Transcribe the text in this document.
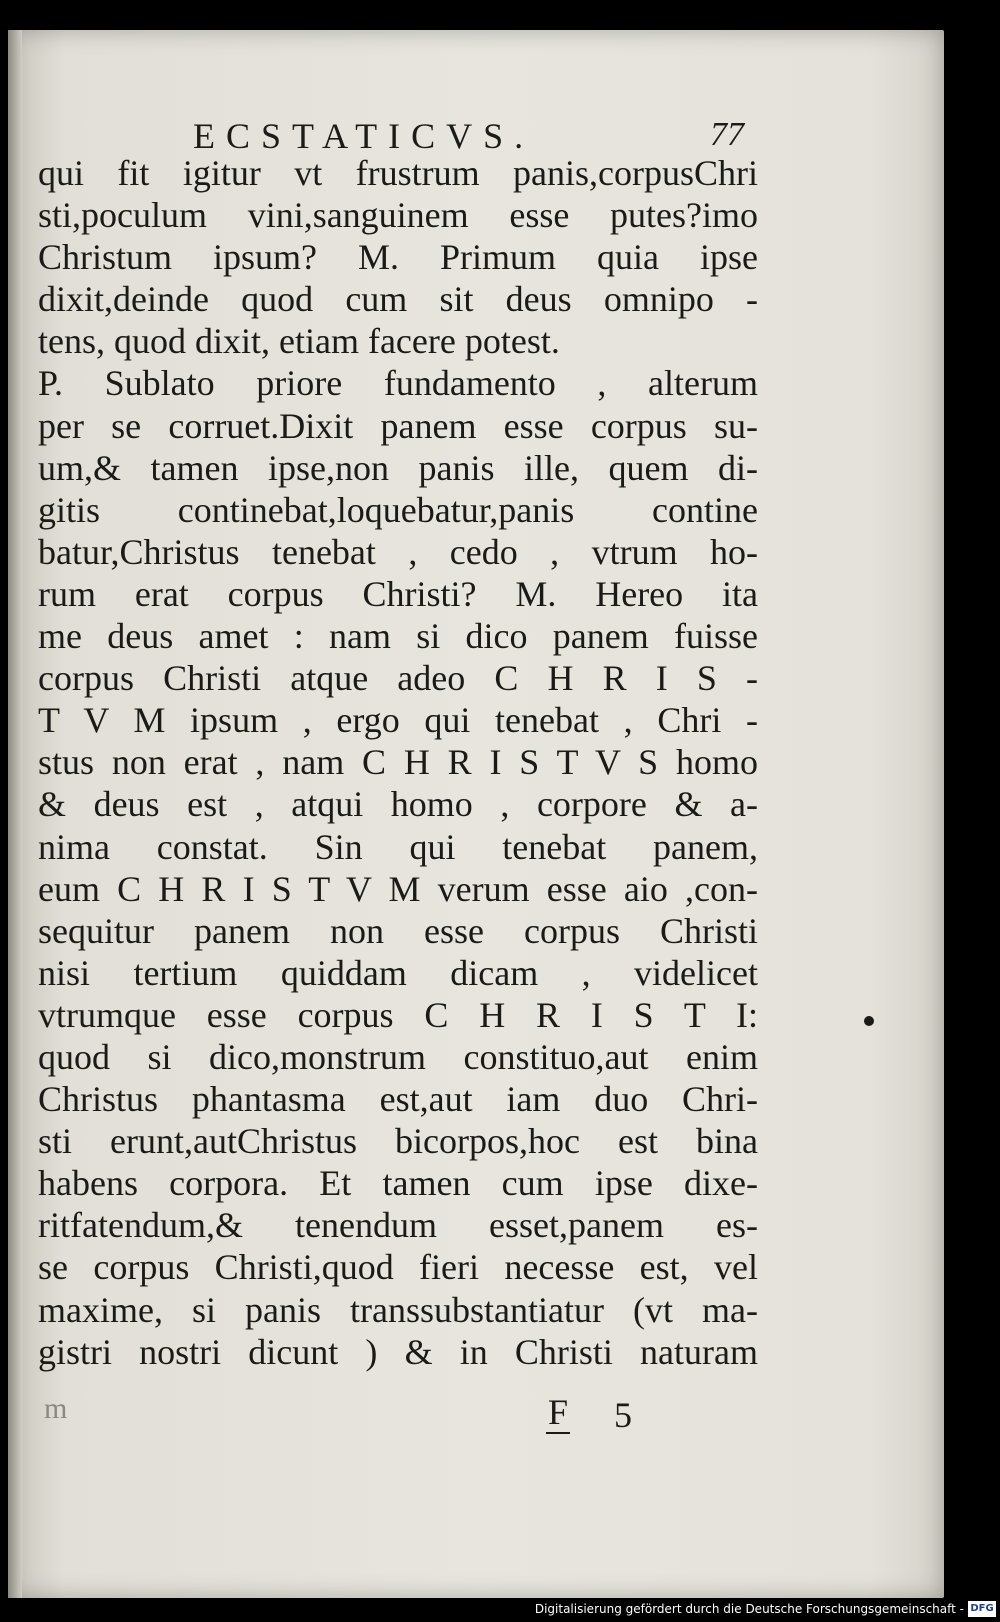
ECSTATICVS.	77
qui fit igitur vt frustrum panis,corpusChri
sti,poculum vini,sanguinem esse putes?imo
Christum ipsum? M. Primum quia ipse
dixit,deinde quod cum sit deus omnipo -
tens, quod dixit, etiam facere potest.
P. Sublato priore fundamento , alterum
per se corruet.Dixit panem esse corpus su-
um,& tamen ipse,non panis ille, quem di-
gitis continebat,loquebatur,panis contine
batur,Christus tenebat , cedo , vtrum ho-
rum erat corpus Christi? M. Hereo ita
me deus amet : nam si dico panem fuisse
corpus Christi atque adeo C H R I S -
T V M ipsum , ergo qui tenebat , Chri -
stus non erat , nam C H R I S T V S homo
& deus est , atqui homo , corpore & a-
nima constat. Sin qui tenebat panem,
eum C H R I S T V M verum esse aio ,con-
sequitur panem non esse corpus Christi
nisi tertium quiddam dicam , videlicet
vtrumque esse corpus C H R I S T I:
quod si dico,monstrum constituo,aut enim
Christus phantasma est,aut iam duo Chri-
sti erunt,autChristus bicorpos,hoc est bina
habens corpora. Et tamen cum ipse dixe-
ritfatendum,& tenendum esset,panem es-
se corpus Christi,quod fieri necesse est, vel
maxime, si panis transsubstantiatur (vt ma-
gistri nostri dicunt ) & in Christi naturam
m	F 5
Digitalisierung gefördert durch die Deutsche Forschungsgemeinschaft - DFG
